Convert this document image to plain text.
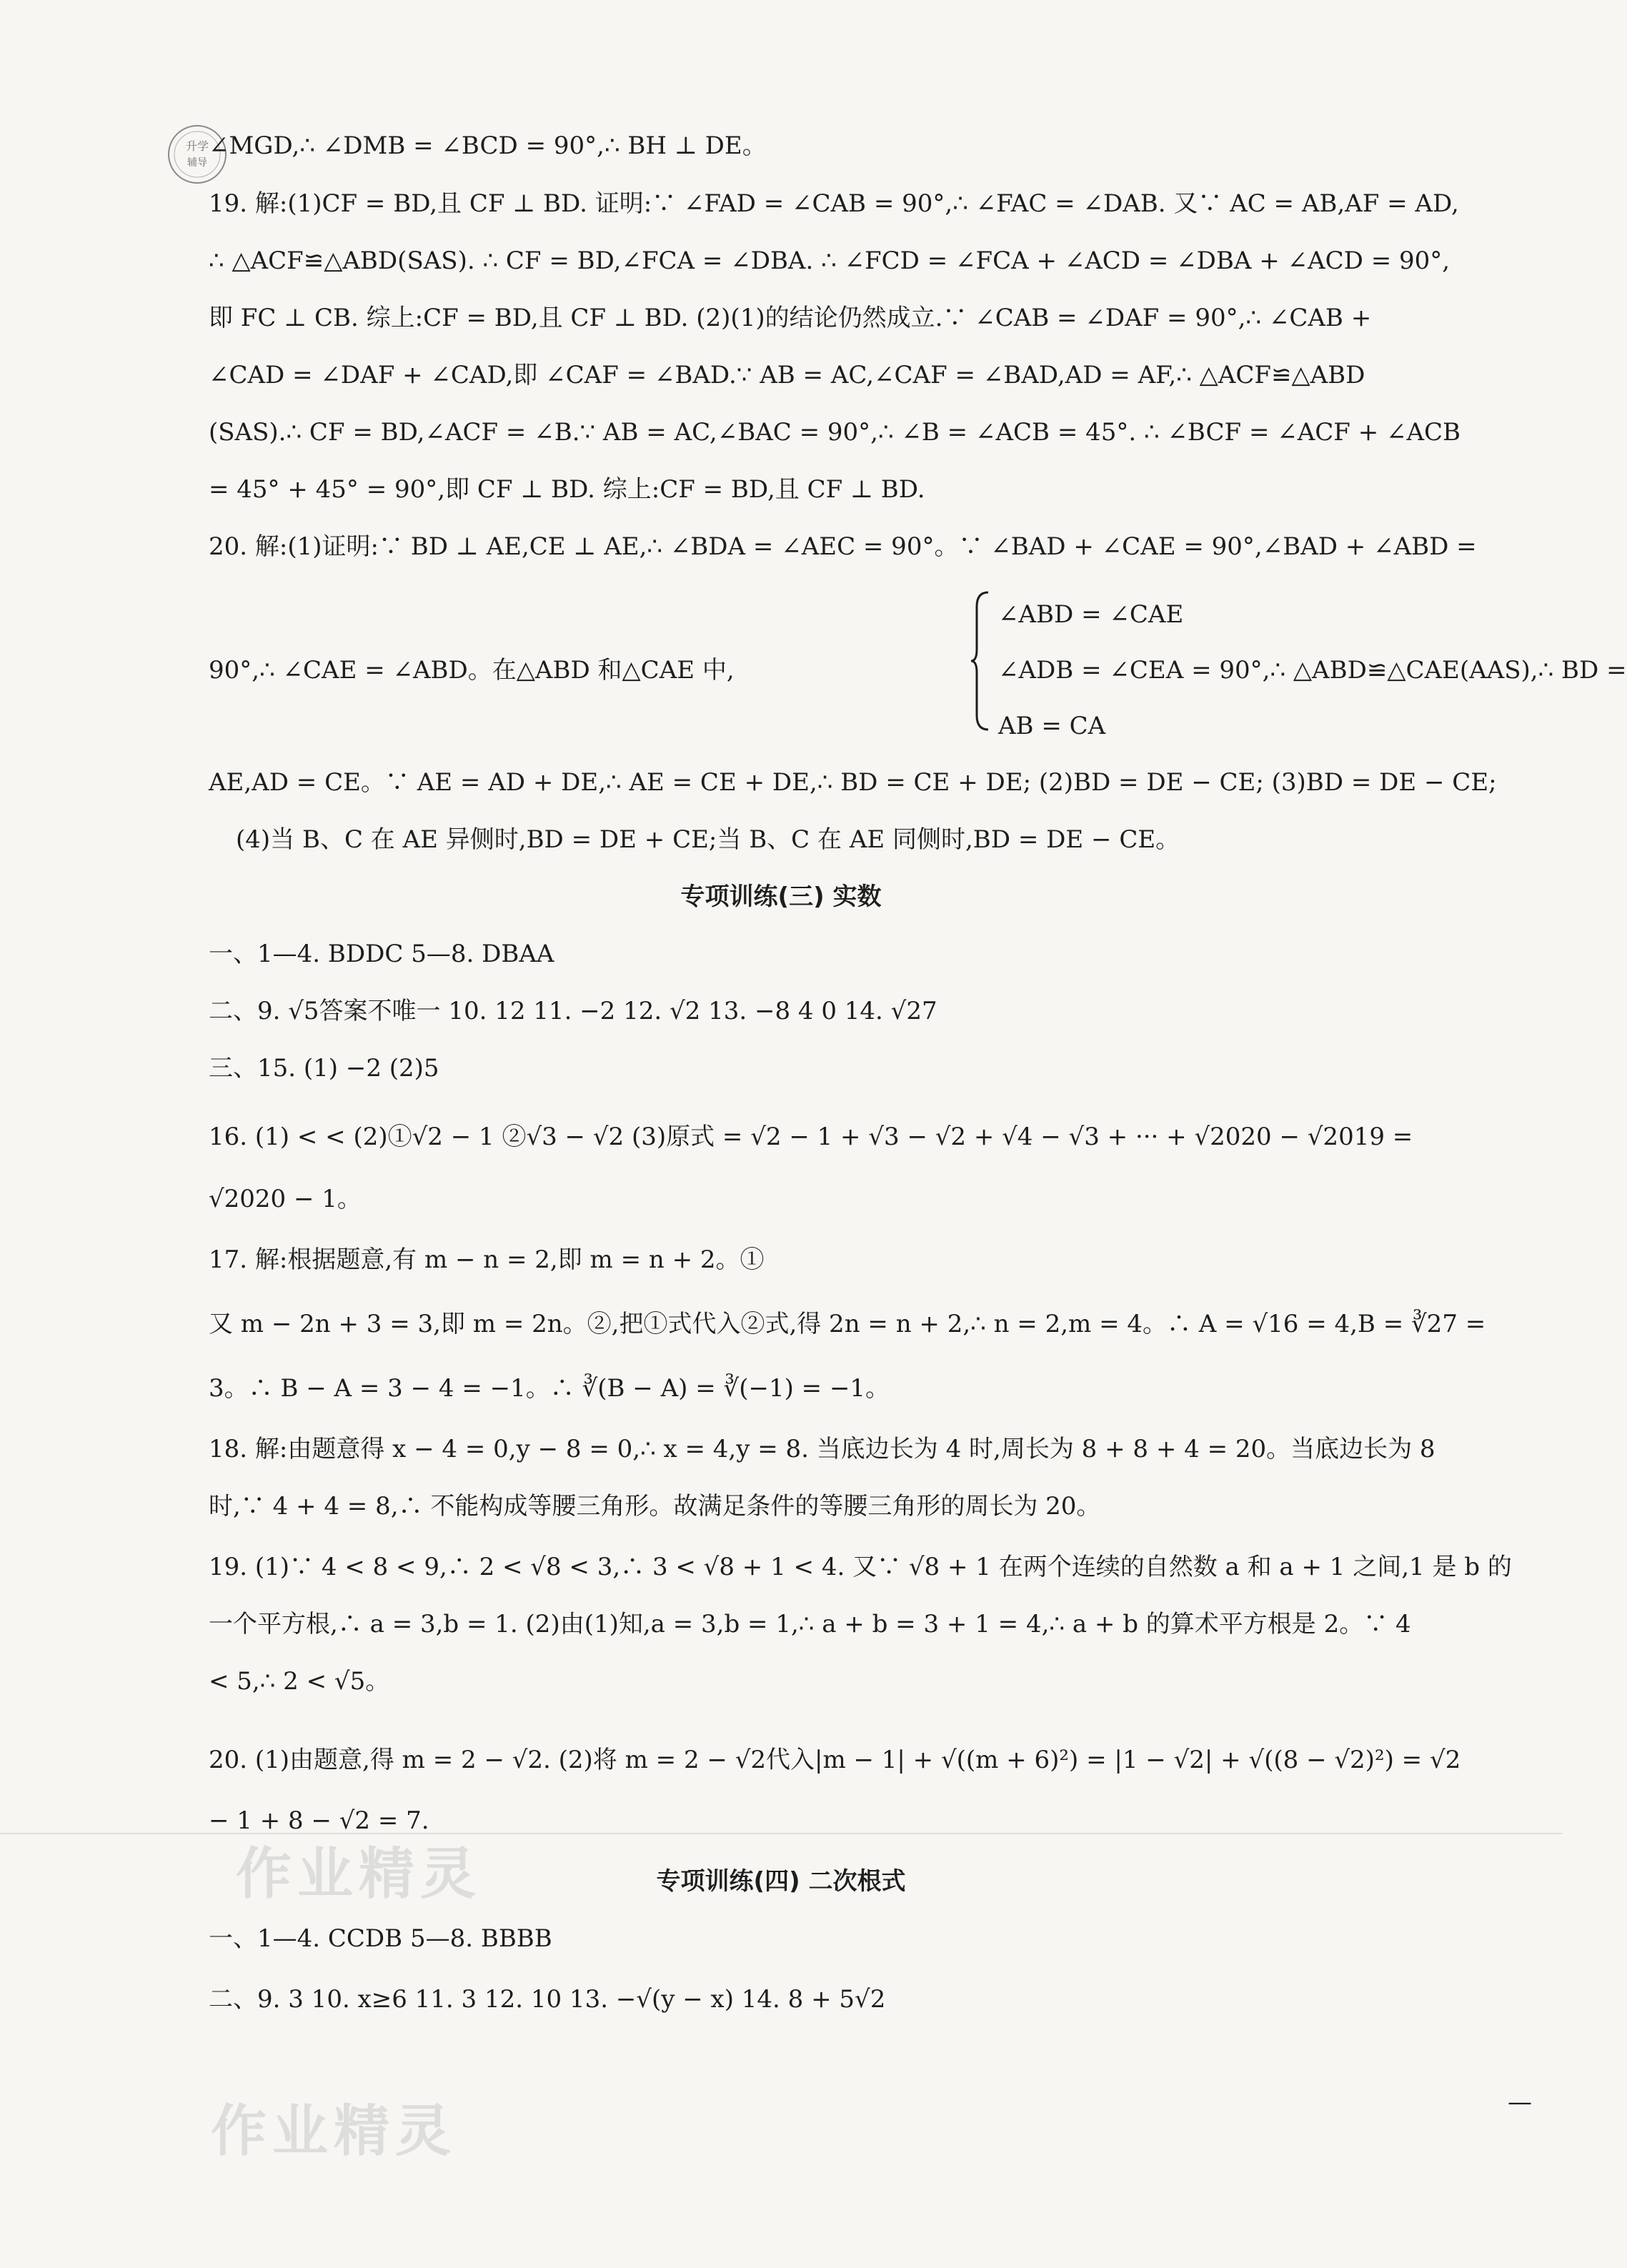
升学
辅导
∠MGD,∴ ∠DMB = ∠BCD = 90°,∴ BH ⊥ DE。
19. 解:(1)CF = BD,且 CF ⊥ BD. 证明:∵ ∠FAD = ∠CAB = 90°,∴ ∠FAC = ∠DAB. 又∵ AC = AB,AF = AD,
∴ △ACF≌△ABD(SAS). ∴ CF = BD,∠FCA = ∠DBA. ∴ ∠FCD = ∠FCA + ∠ACD = ∠DBA + ∠ACD = 90°,
即 FC ⊥ CB. 综上:CF = BD,且 CF ⊥ BD. (2)(1)的结论仍然成立.∵ ∠CAB = ∠DAF = 90°,∴ ∠CAB +
∠CAD = ∠DAF + ∠CAD,即 ∠CAF = ∠BAD.∵ AB = AC,∠CAF = ∠BAD,AD = AF,∴ △ACF≌△ABD
(SAS).∴ CF = BD,∠ACF = ∠B.∵ AB = AC,∠BAC = 90°,∴ ∠B = ∠ACB = 45°. ∴ ∠BCF = ∠ACF + ∠ACB
= 45° + 45° = 90°,即 CF ⊥ BD. 综上:CF = BD,且 CF ⊥ BD.
20. 解:(1)证明:∵ BD ⊥ AE,CE ⊥ AE,∴ ∠BDA = ∠AEC = 90°。∵ ∠BAD + ∠CAE = 90°,∠BAD + ∠ABD =
90°,∴ ∠CAE = ∠ABD。在△ABD 和△CAE 中,
∠ABD = ∠CAE
∠ADB = ∠CEA = 90°,∴ △ABD≌△CAE(AAS),∴ BD =
AB = CA
AE,AD = CE。∵ AE = AD + DE,∴ AE = CE + DE,∴ BD = CE + DE; (2)BD = DE − CE; (3)BD = DE − CE;
(4)当 B、C 在 AE 异侧时,BD = DE + CE;当 B、C 在 AE 同侧时,BD = DE − CE。
专项训练(三) 实数
一、1—4. BDDC 5—8. DBAA
二、9. √5答案不唯一 10. 12 11. −2 12. √2 13. −8 4 0 14. √27
三、15. (1) −2 (2)5
16. (1) < < (2)①√2 − 1 ②√3 − √2 (3)原式 = √2 − 1 + √3 − √2 + √4 − √3 + ··· + √2020 − √2019 =
√2020 − 1。
17. 解:根据题意,有 m − n = 2,即 m = n + 2。①
又 m − 2n + 3 = 3,即 m = 2n。②,把①式代入②式,得 2n = n + 2,∴ n = 2,m = 4。∴ A = √16 = 4,B = ∛27 =
3。∴ B − A = 3 − 4 = −1。∴ ∛(B − A) = ∛(−1) = −1。
18. 解:由题意得 x − 4 = 0,y − 8 = 0,∴ x = 4,y = 8. 当底边长为 4 时,周长为 8 + 8 + 4 = 20。当底边长为 8
时,∵ 4 + 4 = 8,∴ 不能构成等腰三角形。故满足条件的等腰三角形的周长为 20。
19. (1)∵ 4 < 8 < 9,∴ 2 < √8 < 3,∴ 3 < √8 + 1 < 4. 又∵ √8 + 1 在两个连续的自然数 a 和 a + 1 之间,1 是 b 的
一个平方根,∴ a = 3,b = 1. (2)由(1)知,a = 3,b = 1,∴ a + b = 3 + 1 = 4,∴ a + b 的算术平方根是 2。∵ 4
< 5,∴ 2 < √5。
20. (1)由题意,得 m = 2 − √2. (2)将 m = 2 − √2代入|m − 1| + √((m + 6)²) = |1 − √2| + √((8 − √2)²) = √2
− 1 + 8 − √2 = 7.
作业精灵	专项训练(四) 二次根式
一、1—4. CCDB 5—8. BBBB
二、9. 3 10. x≥6 11. 3 12. 10 13. −√(y − x) 14. 8 + 5√2
作业精灵	—
